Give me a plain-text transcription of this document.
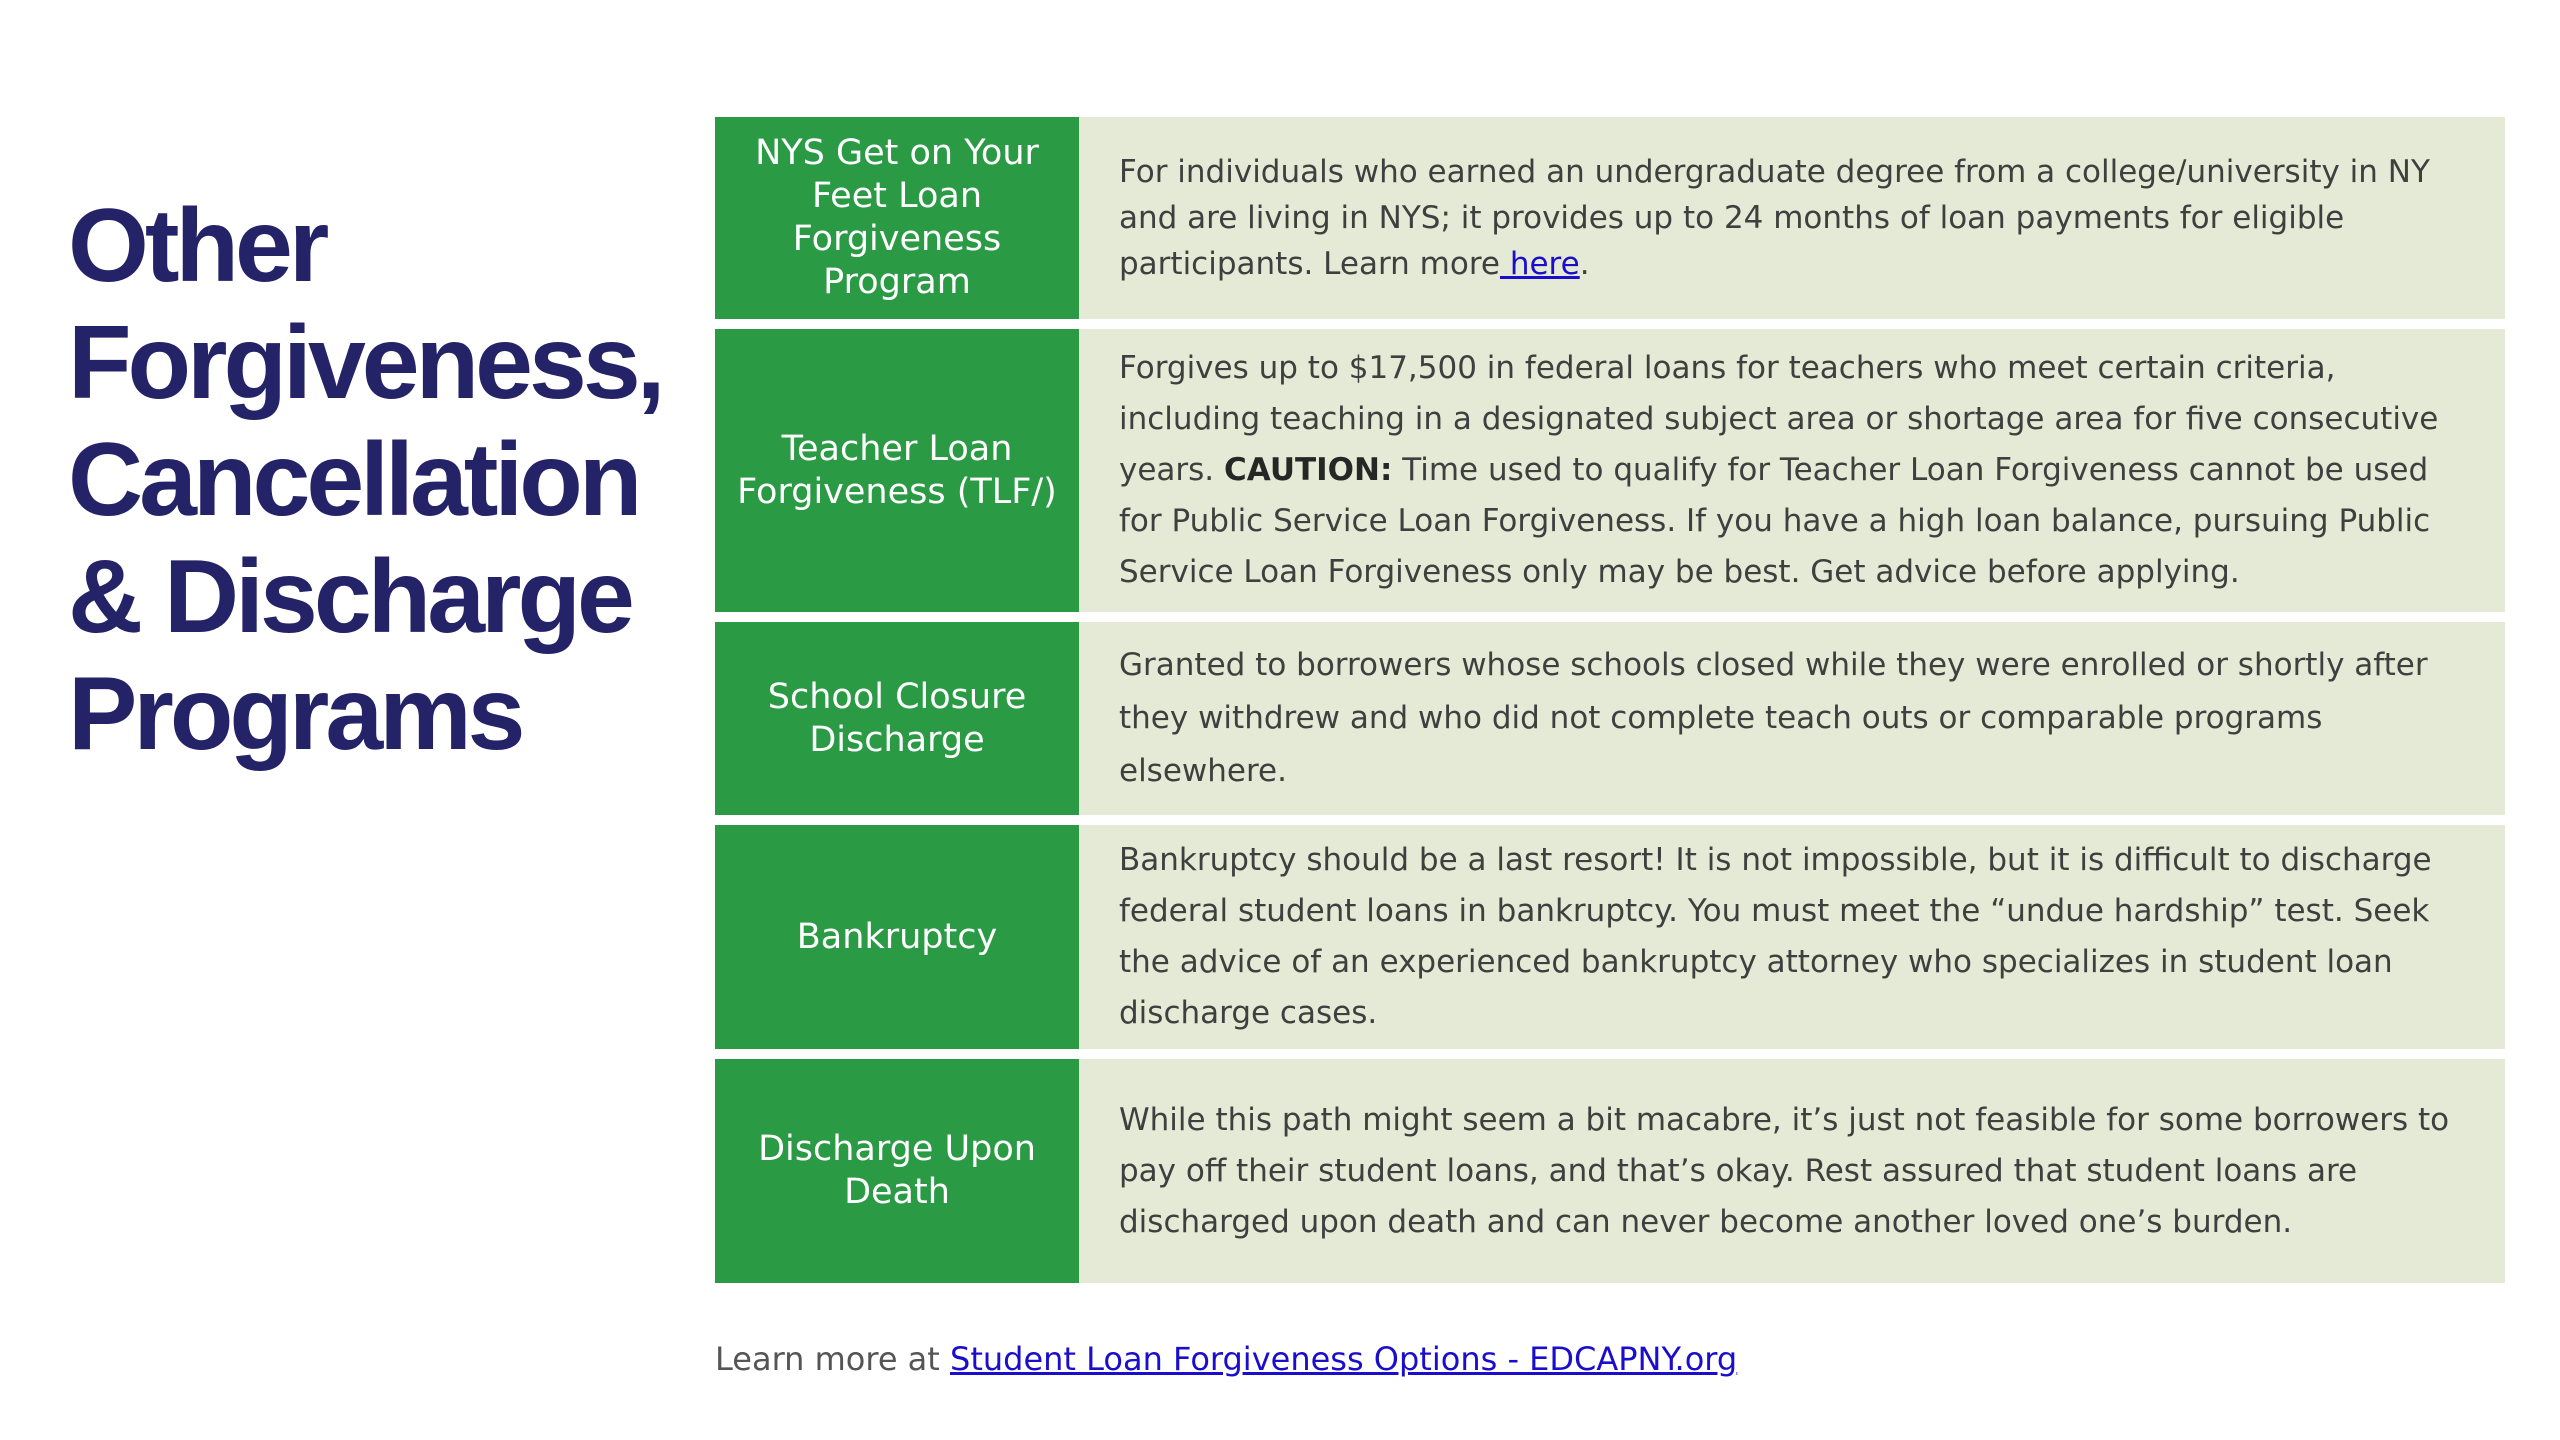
Other
Forgiveness,
Cancellation
& Discharge
Programs
NYS Get on Your
Feet Loan
Forgiveness
Program

For individuals who earned an undergraduate degree from a college/university in NY and are living in NYS; it provides up to 24 months of loan payments for eligible participants. Learn more here.

Teacher Loan
Forgiveness (TLF/)

Forgives up to $17,500 in federal loans for teachers who meet certain criteria, including teaching in a designated subject area or shortage area for five consecutive years. CAUTION: Time used to qualify for Teacher Loan Forgiveness cannot be used for Public Service Loan Forgiveness. If you have a high loan balance, pursuing Public Service Loan Forgiveness only may be best. Get advice before applying.

School Closure
Discharge

Granted to borrowers whose schools closed while they were enrolled or shortly after they withdrew and who did not complete teach outs or comparable programs elsewhere.

Bankruptcy

Bankruptcy should be a last resort! It is not impossible, but it is difficult to discharge federal student loans in bankruptcy. You must meet the “undue hardship” test. Seek the advice of an experienced bankruptcy attorney who specializes in student loan discharge cases.

Discharge Upon
Death

While this path might seem a bit macabre, it’s just not feasible for some borrowers to pay off their student loans, and that’s okay. Rest assured that student loans are discharged upon death and can never become another loved one’s burden.

Learn more at Student Loan Forgiveness Options - EDCAPNY.org
